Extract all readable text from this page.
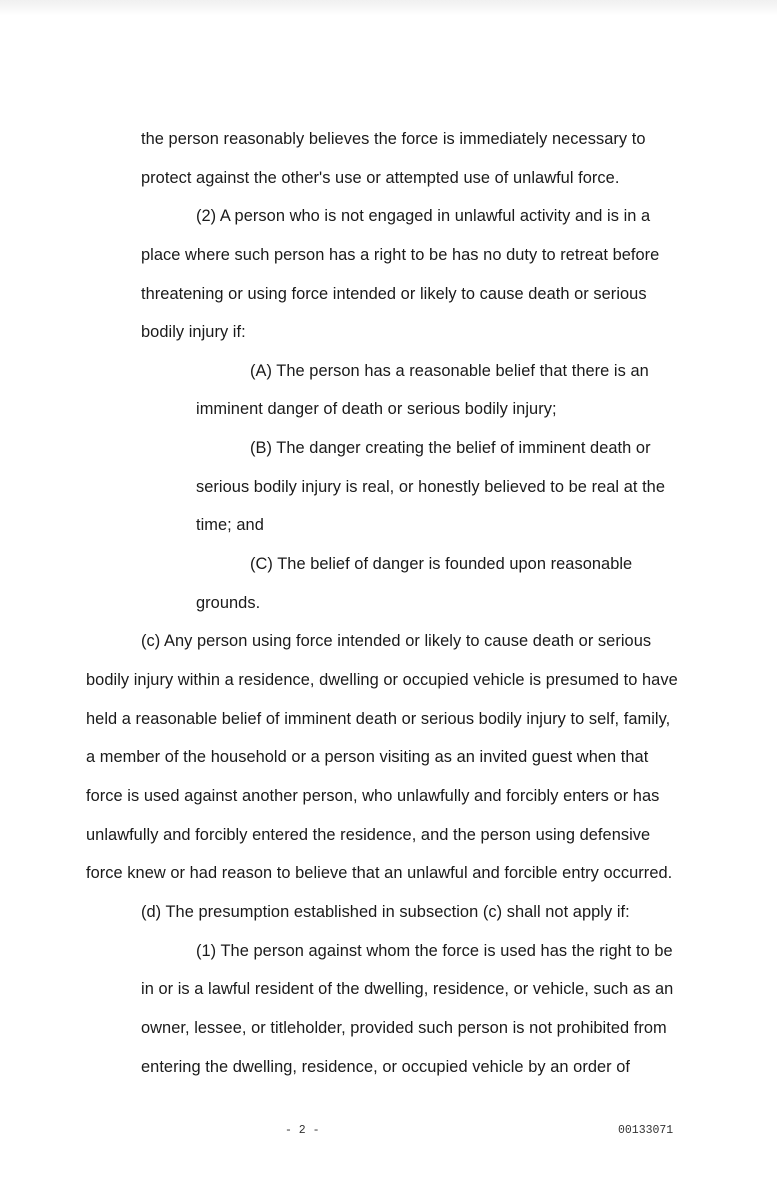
the person reasonably believes the force is immediately necessary to
protect against the other's use or attempted use of unlawful force.
(2) A person who is not engaged in unlawful activity and is in a
place where such person has a right to be has no duty to retreat before
threatening or using force intended or likely to cause death or serious
bodily injury if:
(A) The person has a reasonable belief that there is an
imminent danger of death or serious bodily injury;
(B) The danger creating the belief of imminent death or
serious bodily injury is real, or honestly believed to be real at the
time; and
(C) The belief of danger is founded upon reasonable
grounds.
(c) Any person using force intended or likely to cause death or serious
bodily injury within a residence, dwelling or occupied vehicle is presumed to have
held a reasonable belief of imminent death or serious bodily injury to self, family,
a member of the household or a person visiting as an invited guest when that
force is used against another person, who unlawfully and forcibly enters or has
unlawfully and forcibly entered the residence, and the person using defensive
force knew or had reason to believe that an unlawful and forcible entry occurred.
(d) The presumption established in subsection (c) shall not apply if:
(1) The person against whom the force is used has the right to be
in or is a lawful resident of the dwelling, residence, or vehicle, such as an
owner, lessee, or titleholder, provided such person is not prohibited from
entering the dwelling, residence, or occupied vehicle by an order of
- 2 -	00133071
